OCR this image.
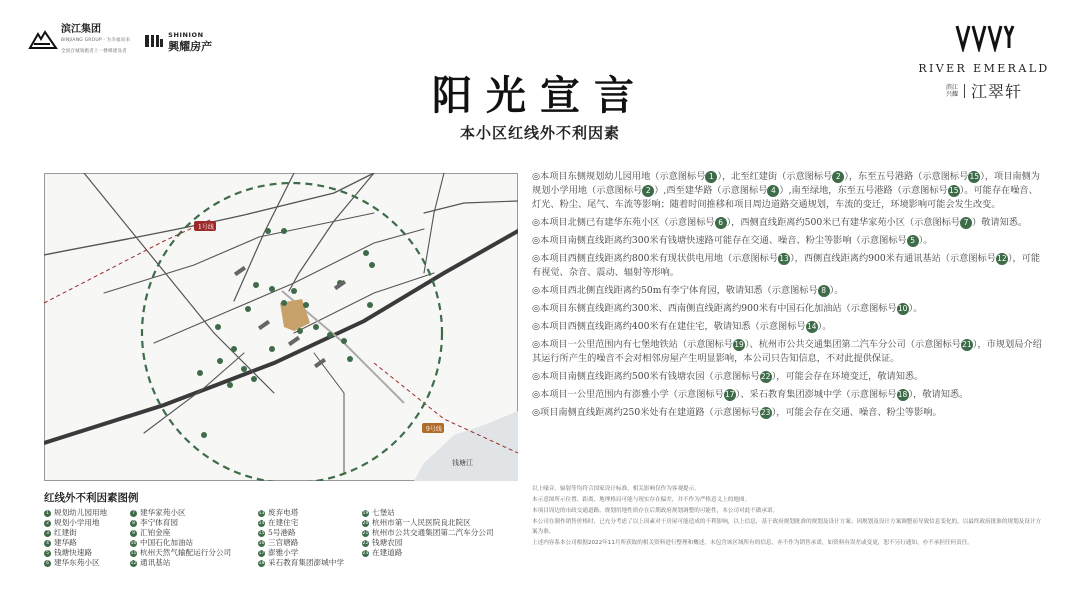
滨江集团
BINJIANG GROUP · 为幸福而来
全国百城领跑者上一楼梯建设者
SHINION
興耀房产
RIVER EMERALD
滨江兴耀 江翠轩
阳光宣言
本小区红线外不利因素
钱塘江
1号线
9号线

◎本项目东侧规划幼儿园用地（示意图标号 1 ），北至红建街（示意图标号 2 ），东至五号港路（示意图标号15），项目南侧为规划小学用地（示意图标号 2 ）,西至建华路（示意图标号 4 ）,南至绿地，东至五号港路（示意图标号15）。可能存在噪音、灯光、粉尘、尾气、车流等影响；随着时间推移和项目周边道路交通规划，车流的变迁，环境影响可能会发生改变。

◎本项目北侧已有建华东苑小区（示意图标号 6 ），西侧直线距离约500米已有建华家苑小区（示意图标号 7 ）敬请知悉。

◎本项目南侧直线距离约300米有钱塘快速路可能存在交通、噪音、粉尘等影响（示意图标号 5 ）。

◎本项目西侧直线距离约800米有现状供电用地（示意图标号13），西侧直线距离约900米有通讯基站（示意图标号12），可能有视觉、杂音、震动、辐射等形响。

◎本项目西北侧直线距离约50m有李宁体育园，敬请知悉（示意图标号 8 ）。

◎本项目东侧直线距离约300米、西南侧直线距离约900米有中国石化加油站（示意图标号10）。

◎本项目西侧直线距离约400米有在建住宅，敬请知悉（示意图标号14）。

◎本项目一公里范围内有七堡地铁站（示意图标号19）、杭州市公共交通集团第二汽车分公司（示意图标号21），市规划局介绍其运行所产生的噪音不会对相邻房屋产生明显影响，本公司只告知信息，不对此提供保证。

◎本项目南侧直线距离约500米有钱塘农园（示意图标号22），可能会存在环境变迁，敬请知悉。

◎本项目一公里范围内有澎雅小学（示意图标号17）、采石教育集团澎城中学（示意图标号18），敬请知悉。

◎项目南侧直线距离约250米处有在建道路（示意图标号23），可能会存在交通、噪音、粉尘等影响。

以上噪音、辐射等均符合国家设计标准，相关影响仅作为客观提示。

本示意图所示位置、距离、地理格局可能与现实存在偏差，并不作为严格意义上的地图。

本项目周边的市政交通道路、规划用地性质存在后期政府规划调整的可能性，本公司对此不做承诺。

本公司在制作销售价格时，已充分考虑了以上因素对于房屋可能造成的不利影响，以上信息，基于政府规划批准的规划及设计方案；因规划及设计方案调整而导致信息变化的，以最终政府批准的规划及设计方案为准。

上述内容系本公司根据2022年11月所获取的相关资料进行整理和概述，未包含该区域所有的信息，亦不作为销售承诺，如资料有误差或变更，恕不另行通知，亦不承担任何责任。

红线外不利因素图例
1 规划幼儿园用地
2 规划小学用地
3 红建街
4 建华路
5 钱塘快速路
6 建华东苑小区
7 建华家苑小区
8 李宁体育园
9 汇铂金座
10 中国石化加油站
11 杭州天然气输配运行分公司
12 通讯基站
13 废弃电塔
14 在建住宅
15 5号港路
16 三官塘路
17 澎雅小学
18 采石教育集团澎城中学
19 七堡站
20 杭州市第一人民医院良北院区
21 杭州市公共交通集团第二汽车分公司
22 钱塘农园
23 在建道路
